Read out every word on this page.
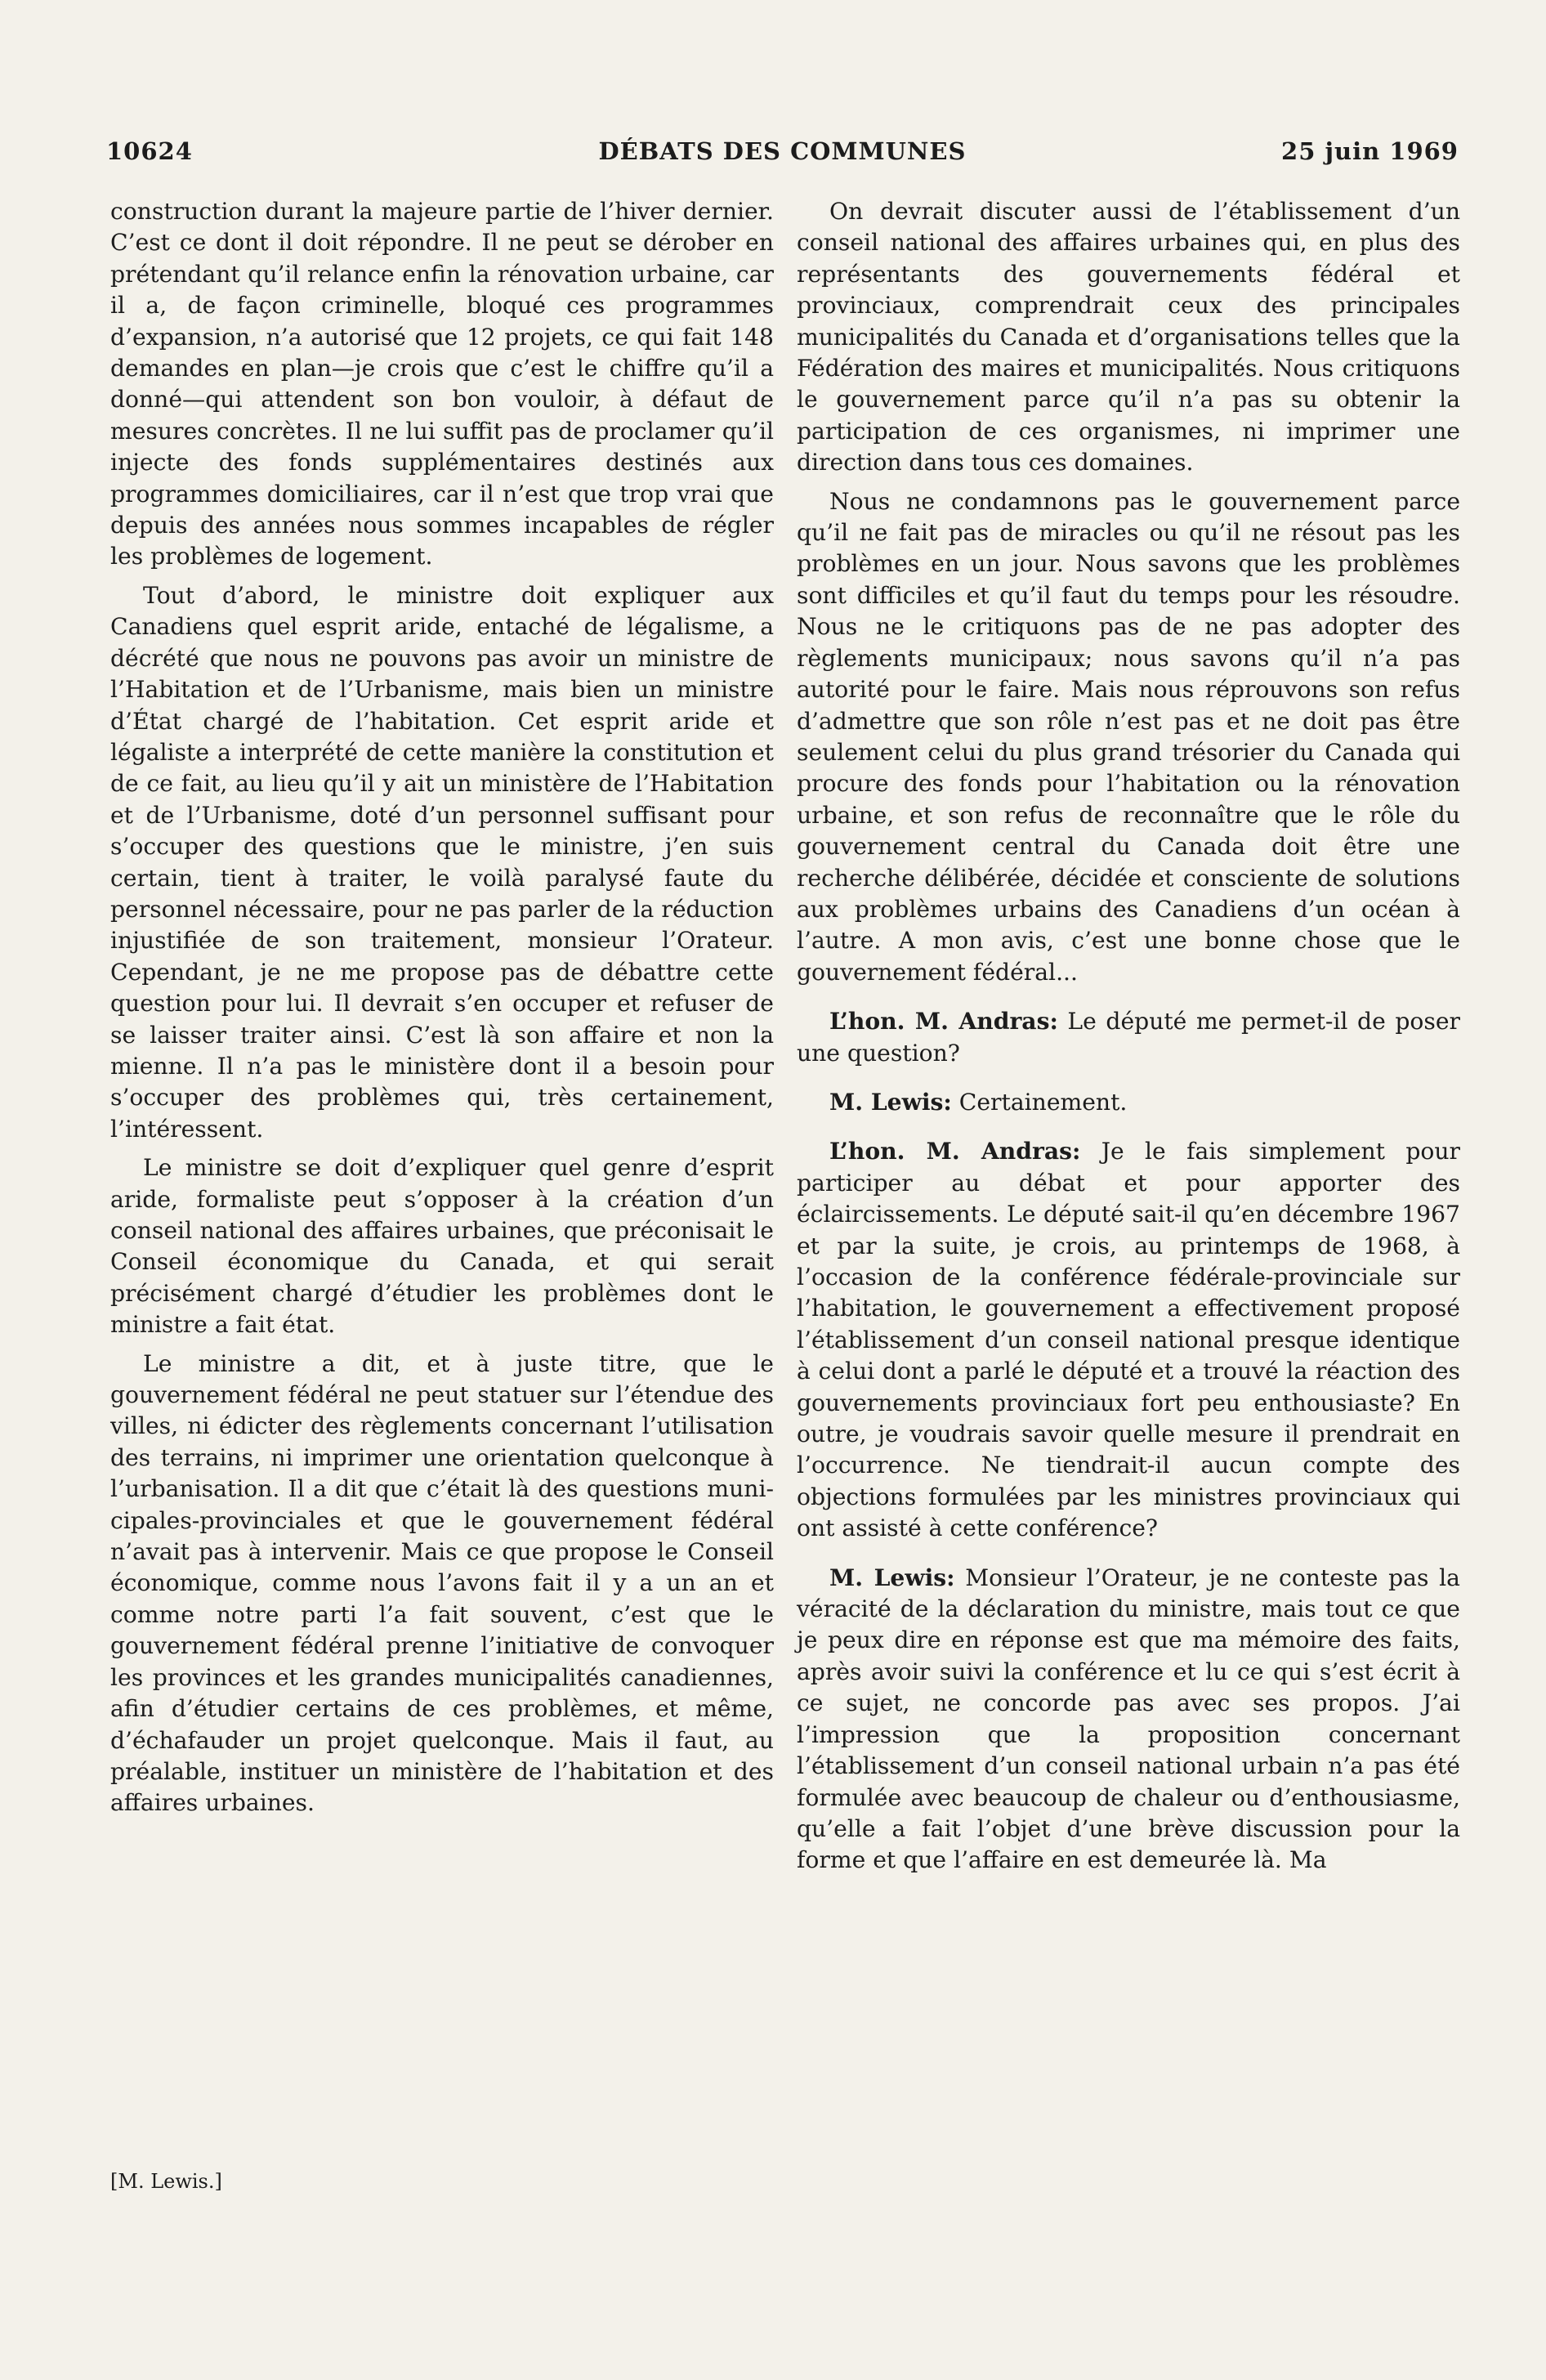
10624	DÉBATS DES COMMUNES	25 juin 1969

construction durant la majeure partie de l’hiver dernier. C’est ce dont il doit répondre. Il ne peut se dérober en prétendant qu’il relance enfin la rénovation urbaine, car il a, de façon criminelle, bloqué ces programmes d’expansion, n’a autorisé que 12 projets, ce qui fait 148 demandes en plan—je crois que c’est le chiffre qu’il a donné—qui attendent son bon vouloir, à défaut de mesures concrètes. Il ne lui suffit pas de proclamer qu’il injecte des fonds supplémentaires destinés aux programmes domiciliaires, car il n’est que trop vrai que depuis des années nous sommes incapables de régler les problèmes de logement.

Tout d’abord, le ministre doit expliquer aux Canadiens quel esprit aride, entaché de légalisme, a décrété que nous ne pouvons pas avoir un ministre de l’Habitation et de l’Urbanisme, mais bien un ministre d’État chargé de l’habitation. Cet esprit aride et légaliste a interprété de cette manière la constitution et de ce fait, au lieu qu’il y ait un ministère de l’Habitation et de l’Urbanisme, doté d’un personnel suffisant pour s’occuper des questions que le ministre, j’en suis certain, tient à traiter, le voilà paralysé faute du personnel nécessaire, pour ne pas parler de la réduction injustifiée de son traitement, monsieur l’Orateur. Cependant, je ne me propose pas de débattre cette question pour lui. Il devrait s’en occuper et refuser de se laisser traiter ainsi. C’est là son affaire et non la mienne. Il n’a pas le ministère dont il a besoin pour s’occuper des problèmes qui, très certainement, l’intéressent.

Le ministre se doit d’expliquer quel genre d’esprit aride, formaliste peut s’opposer à la création d’un conseil national des affaires urbaines, que préconisait le Conseil économique du Canada, et qui serait précisément chargé d’étudier les problèmes dont le ministre a fait état.

Le ministre a dit, et à juste titre, que le gouvernement fédéral ne peut statuer sur l’étendue des villes, ni édicter des règlements concernant l’utilisation des terrains, ni imprimer une orientation quelconque à l’urbanisation. Il a dit que c’était là des questions municipales-provinciales et que le gouvernement fédéral n’avait pas à intervenir. Mais ce que propose le Conseil économique, comme nous l’avons fait il y a un an et comme notre parti l’a fait souvent, c’est que le gouvernement fédéral prenne l’initiative de convoquer les provinces et les grandes municipalités canadiennes, afin d’étudier certains de ces problèmes, et même, d’échafauder un projet quelconque. Mais il faut, au préalable, instituer un ministère de l’habitation et des affaires urbaines.

[M. Lewis.]

On devrait discuter aussi de l’établissement d’un conseil national des affaires urbaines qui, en plus des représentants des gouvernements fédéral et provinciaux, comprendrait ceux des principales municipalités du Canada et d’organisations telles que la Fédération des maires et municipalités. Nous critiquons le gouvernement parce qu’il n’a pas su obtenir la participation de ces organismes, ni imprimer une direction dans tous ces domaines.

Nous ne condamnons pas le gouvernement parce qu’il ne fait pas de miracles ou qu’il ne résout pas les problèmes en un jour. Nous savons que les problèmes sont difficiles et qu’il faut du temps pour les résoudre. Nous ne le critiquons pas de ne pas adopter des règlements municipaux; nous savons qu’il n’a pas autorité pour le faire. Mais nous réprouvons son refus d’admettre que son rôle n’est pas et ne doit pas être seulement celui du plus grand trésorier du Canada qui procure des fonds pour l’habitation ou la rénovation urbaine, et son refus de reconnaître que le rôle du gouvernement central du Canada doit être une recherche délibérée, décidée et consciente de solutions aux problèmes urbains des Canadiens d’un océan à l’autre. A mon avis, c’est une bonne chose que le gouvernement fédéral...

L’hon. M. Andras: Le député me permet-il de poser une question?

M. Lewis: Certainement.

L’hon. M. Andras: Je le fais simplement pour participer au débat et pour apporter des éclaircissements. Le député sait-il qu’en décembre 1967 et par la suite, je crois, au printemps de 1968, à l’occasion de la conférence fédérale-provinciale sur l’habitation, le gouvernement a effectivement proposé l’établissement d’un conseil national presque identique à celui dont a parlé le député et a trouvé la réaction des gouvernements provinciaux fort peu enthousiaste? En outre, je voudrais savoir quelle mesure il prendrait en l’occurrence. Ne tiendrait-il aucun compte des objections formulées par les ministres provinciaux qui ont assisté à cette conférence?

M. Lewis: Monsieur l’Orateur, je ne conteste pas la véracité de la déclaration du ministre, mais tout ce que je peux dire en réponse est que ma mémoire des faits, après avoir suivi la conférence et lu ce qui s’est écrit à ce sujet, ne concorde pas avec ses propos. J’ai l’impression que la proposition concernant l’établissement d’un conseil national urbain n’a pas été formulée avec beaucoup de chaleur ou d’enthousiasme, qu’elle a fait l’objet d’une brève discussion pour la forme et que l’affaire en est demeurée là. Ma
